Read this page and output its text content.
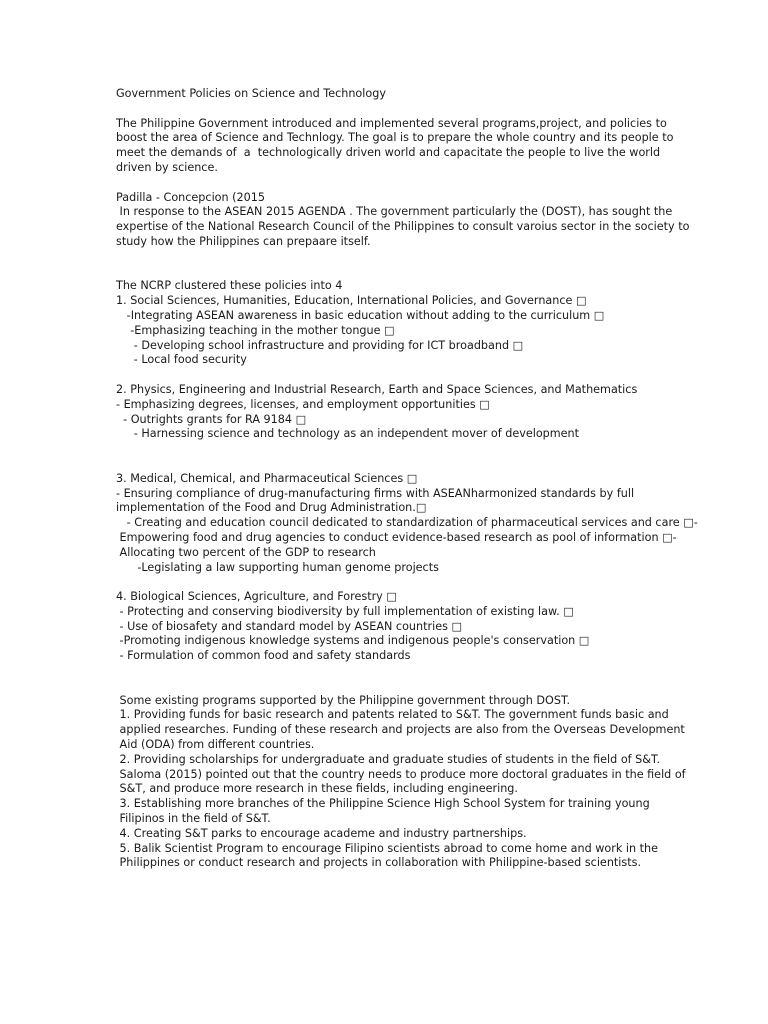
Government Policies on Science and Technology
The Philippine Government introduced and implemented several programs,project, and policies to
boost the area of Science and Technlogy. The goal is to prepare the whole country and its people to
meet the demands of  a  technologically driven world and capacitate the people to live the world
driven by science.
Padilla - Concepcion (2015
In response to the ASEAN 2015 AGENDA . The government particularly the (DOST), has sought the
expertise of the National Research Council of the Philippines to consult varoius sector in the society to
study how the Philippines can prepaare itself.
The NCRP clustered these policies into 4
1. Social Sciences, Humanities, Education, International Policies, and Governance □
-Integrating ASEAN awareness in basic education without adding to the curriculum □
-Emphasizing teaching in the mother tongue □
- Developing school infrastructure and providing for ICT broadband □
- Local food security
2. Physics, Engineering and Industrial Research, Earth and Space Sciences, and Mathematics
- Emphasizing degrees, licenses, and employment opportunities □
- Outrights grants for RA 9184 □
- Harnessing science and technology as an independent mover of development
3. Medical, Chemical, and Pharmaceutical Sciences □
- Ensuring compliance of drug-manufacturing firms with ASEANharmonized standards by full
implementation of the Food and Drug Administration.□
- Creating and education council dedicated to standardization of pharmaceutical services and care □-
Empowering food and drug agencies to conduct evidence-based research as pool of information □-
Allocating two percent of the GDP to research
-Legislating a law supporting human genome projects
4. Biological Sciences, Agriculture, and Forestry □
- Protecting and conserving biodiversity by full implementation of existing law. □
- Use of biosafety and standard model by ASEAN countries □
-Promoting indigenous knowledge systems and indigenous people's conservation □
- Formulation of common food and safety standards
Some existing programs supported by the Philippine government through DOST.
1. Providing funds for basic research and patents related to S&T. The government funds basic and
applied researches. Funding of these research and projects are also from the Overseas Development
Aid (ODA) from different countries.
2. Providing scholarships for undergraduate and graduate studies of students in the field of S&T.
Saloma (2015) pointed out that the country needs to produce more doctoral graduates in the field of
S&T, and produce more research in these fields, including engineering.
3. Establishing more branches of the Philippine Science High School System for training young
Filipinos in the field of S&T.
4. Creating S&T parks to encourage academe and industry partnerships.
5. Balik Scientist Program to encourage Filipino scientists abroad to come home and work in the
Philippines or conduct research and projects in collaboration with Philippine-based scientists.
